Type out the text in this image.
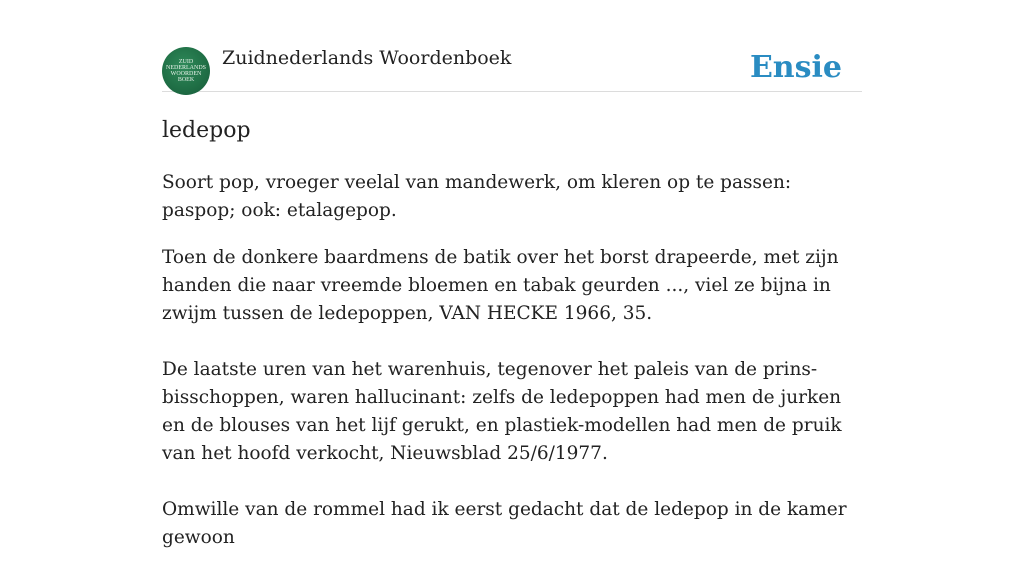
ZUID
NEDERLANDS
WOORDEN
BOEK
Zuidnederlands Woordenboek	Ensie
ledepop

Soort pop, vroeger veelal van mandewerk, om kleren op te passen: paspop; ook: etalagepop.

Toen de donkere baardmens de batik over het borst drapeerde, met zijn handen die naar vreemde bloemen en tabak geurden ..., viel ze bijna in zwijm tussen de ledepoppen, VAN HECKE 1966, 35.

De laatste uren van het warenhuis, tegenover het paleis van de prins-bisschoppen, waren hallucinant: zelfs de ledepoppen had men de jurken en de blouses van het lijf gerukt, en plastiek-modellen had men de pruik van het hoofd verkocht, Nieuwsblad 25/6/1977.

Omwille van de rommel had ik eerst gedacht dat de ledepop in de kamer gewoon
